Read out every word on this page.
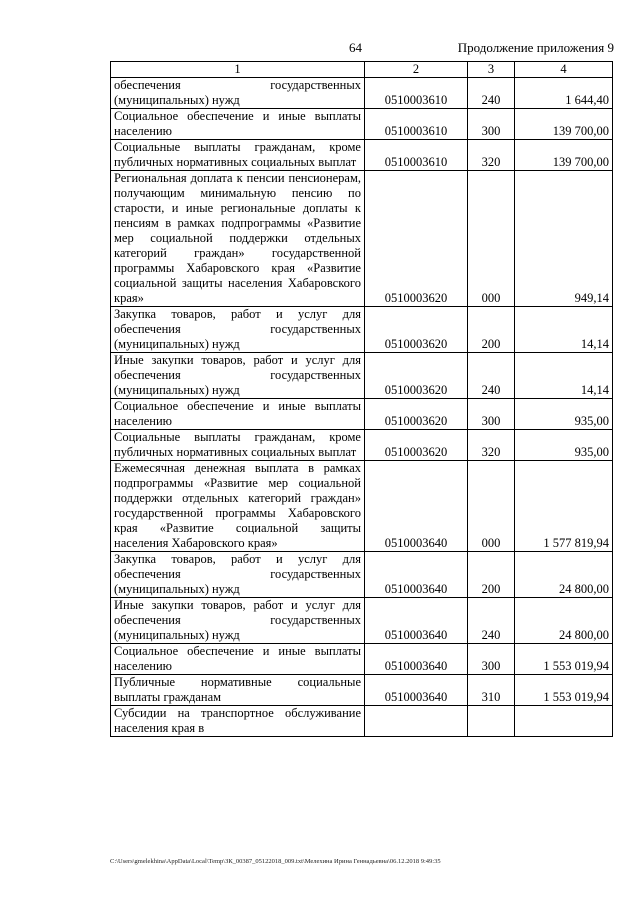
64	Продолжение приложения 9
1	2	3	4
обеспечения государственных (муниципальных) нужд	0510003610	240	1 644,40
Социальное обеспечение и иные выплаты населению	0510003610	300	139 700,00
Социальные выплаты гражданам, кроме публичных нормативных социальных выплат	0510003610	320	139 700,00
Региональная доплата к пенсии пенсионерам, получающим минимальную пенсию по старости, и иные региональные доплаты к пенсиям в рамках подпрограммы «Развитие мер социальной поддержки отдельных категорий граждан» государственной программы Хабаровского края «Развитие социальной защиты населения Хабаровского края»	0510003620	000	949,14
Закупка товаров, работ и услуг для обеспечения государственных (муниципальных) нужд	0510003620	200	14,14
Иные закупки товаров, работ и услуг для обеспечения государственных (муниципальных) нужд	0510003620	240	14,14
Социальное обеспечение и иные выплаты населению	0510003620	300	935,00
Социальные выплаты гражданам, кроме публичных нормативных социальных выплат	0510003620	320	935,00
Ежемесячная денежная выплата в рамках подпрограммы «Развитие мер социальной поддержки отдельных категорий граждан» государственной программы Хабаровского края «Развитие социальной защиты населения Хабаровского края»	0510003640	000	1 577 819,94
Закупка товаров, работ и услуг для обеспечения государственных (муниципальных) нужд	0510003640	200	24 800,00
Иные закупки товаров, работ и услуг для обеспечения государственных (муниципальных) нужд	0510003640	240	24 800,00
Социальное обеспечение и иные выплаты населению	0510003640	300	1 553 019,94
Публичные нормативные социальные выплаты гражданам	0510003640	310	1 553 019,94
Субсидии на транспортное обслуживание населения края в			
C:\Users\gmelekhina\AppData\Local\Temp\ЗК_00387_05122018_009.txt\Мелехина Ирина Геннадьевна\06.12.2018 9:49:35
